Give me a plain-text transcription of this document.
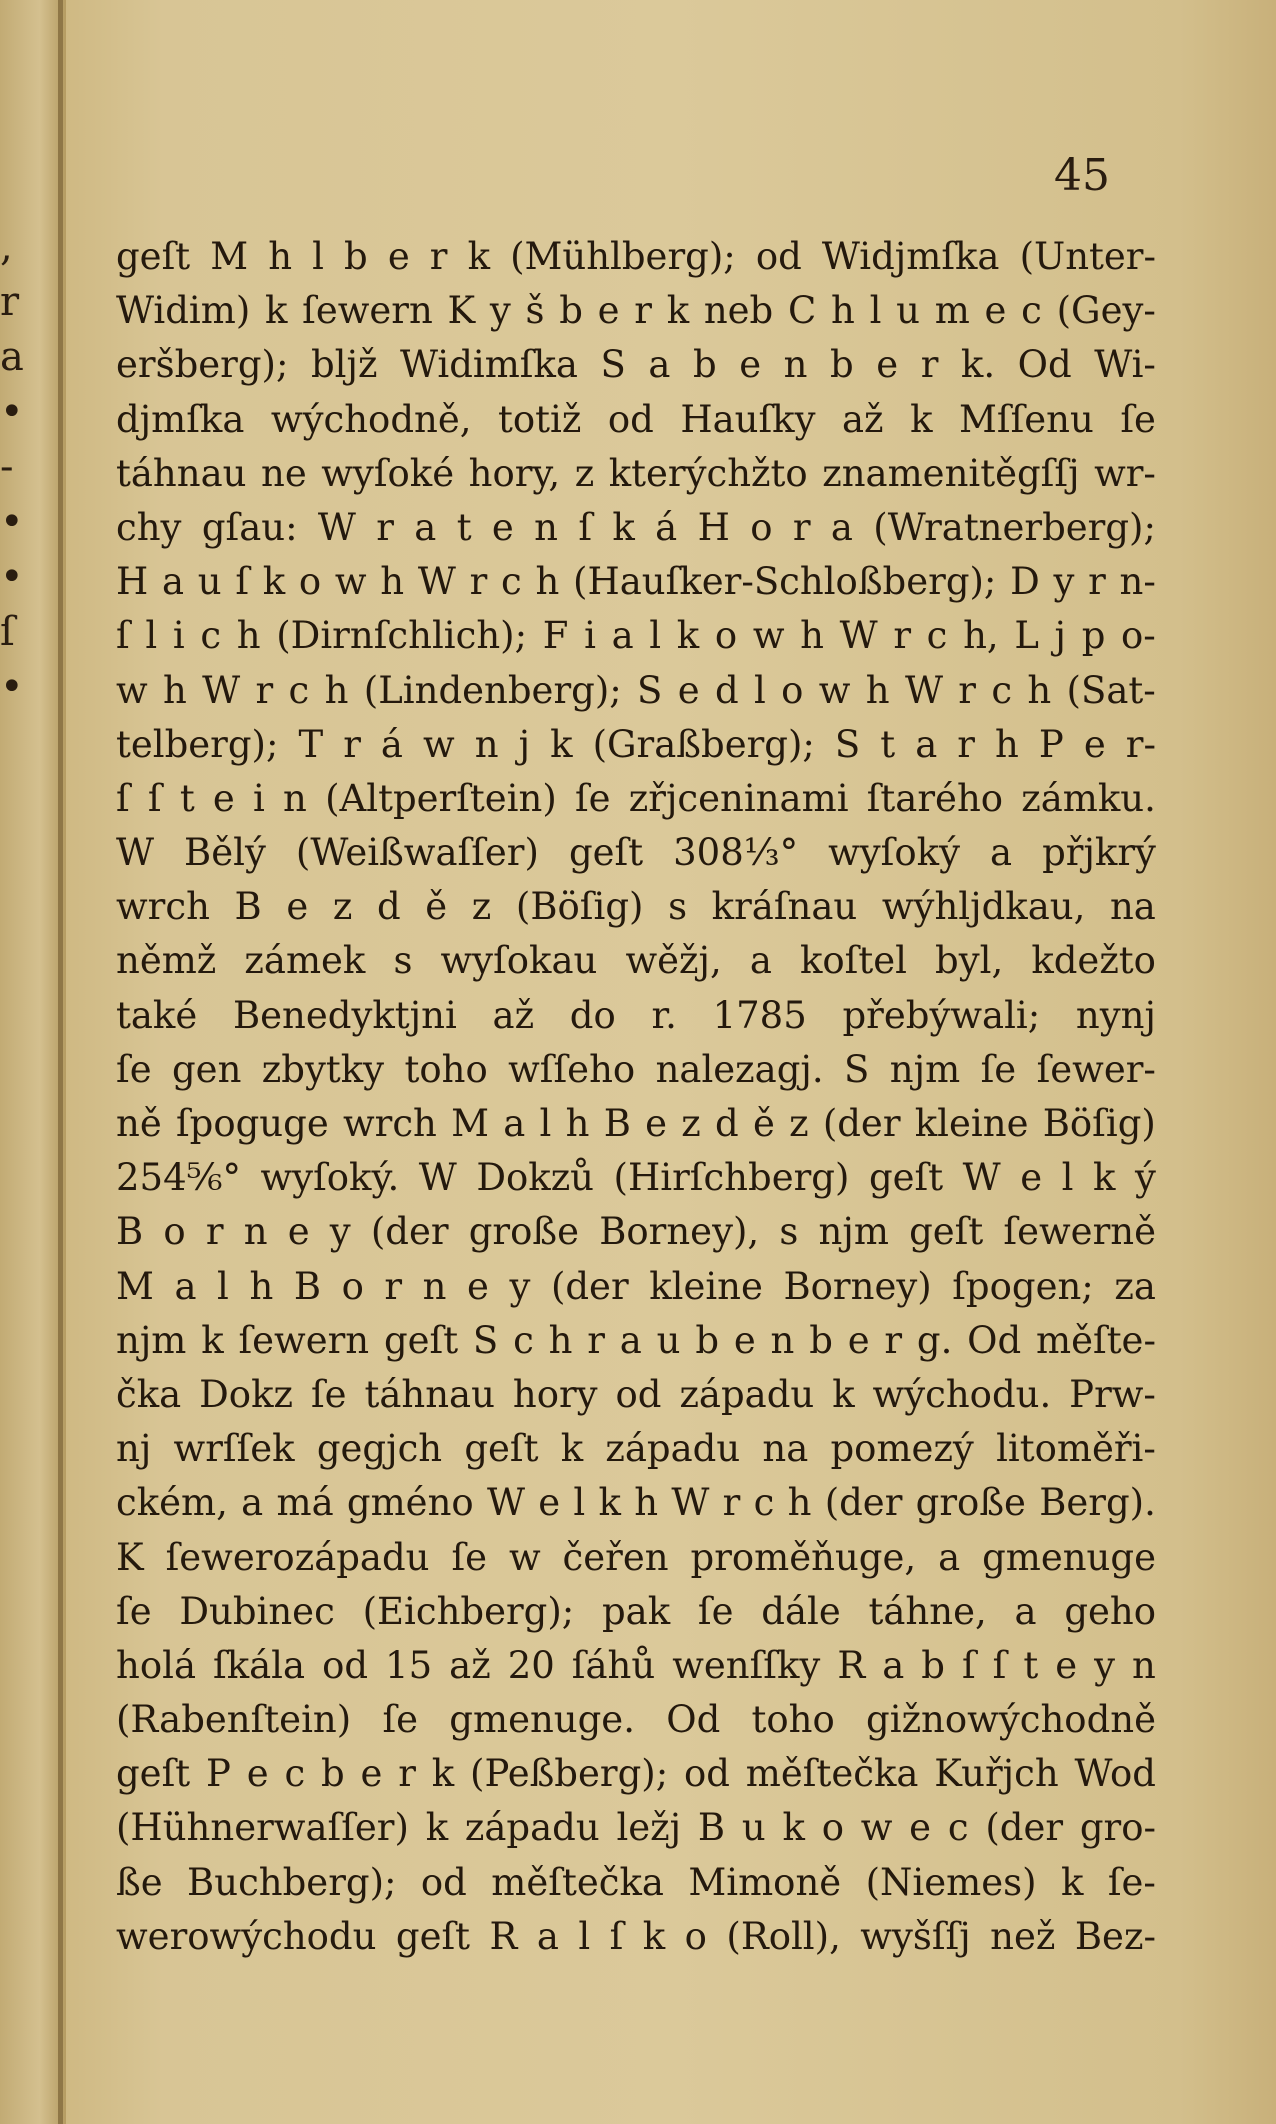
,
r
a
•
-
•
•
ſ
•
45
geſt M h l b e r k (Mühlberg); od Widjmſka (Unter-
Widim) k ſewern K y š b e r k neb C h l u m e c (Gey-
eršberg); bljž Widimſka S a b e n b e r k. Od Wi-
djmſka wýchodně, totiž od Hauſky až k Mſſenu ſe
táhnau ne wyſoké hory, z kterýchžto znamenitěgſſj wr-
chy gſau: W r a t e n ſ k á H o r a (Wratnerberg);
H a u ſ k o w h W r c h (Hauſker-Schloßberg); D y r n-
ſ l i c h (Dirnſchlich); F i a l k o w h W r c h, L j p o-
w h W r c h (Lindenberg); S e d l o w h W r c h (Sat-
telberg); T r á w n j k (Graßberg); S t a r h P e r-
ſ ſ t e i n (Altperſtein) ſe zřjceninami ſtarého zámku.
W Bělý (Weißwaſſer) geſt 308⅓° wyſoký a přjkrý
wrch B e z d ě z (Böſig) s kráſnau wýhljdkau, na
němž zámek s wyſokau wěžj, a koſtel byl, kdežto
také Benedyktjni až do r. 1785 přebýwali; nynj
ſe gen zbytky toho wſſeho nalezagj. S njm ſe ſewer-
ně ſpoguge wrch M a l h B e z d ě z (der kleine Böſig)
254⅚° wyſoký. W Dokzů (Hirſchberg) geſt W e l k ý
B o r n e y (der große Borney), s njm geſt ſewerně
M a l h B o r n e y (der kleine Borney) ſpogen; za
njm k ſewern geſt S c h r a u b e n b e r g. Od měſte-
čka Dokz ſe táhnau hory od západu k wýchodu. Prw-
nj wrſſek gegjch geſt k západu na pomezý litoměři-
ckém, a má gméno W e l k h W r c h (der große Berg).
K ſewerozápadu ſe w čeřen proměňuge, a gmenuge
ſe Dubinec (Eichberg); pak ſe dále táhne, a geho
holá ſkála od 15 až 20 ſáhů wenſſky R a b ſ ſ t e y n
(Rabenſtein) ſe gmenuge. Od toho gižnowýchodně
geſt P e c b e r k (Peßberg); od měſtečka Kuřjch Wod
(Hühnerwaſſer) k západu ležj B u k o w e c (der gro-
ße Buchberg); od měſtečka Mimoně (Niemes) k ſe-
werowýchodu geſt R a l ſ k o (Roll), wyšſſj než Bez-
